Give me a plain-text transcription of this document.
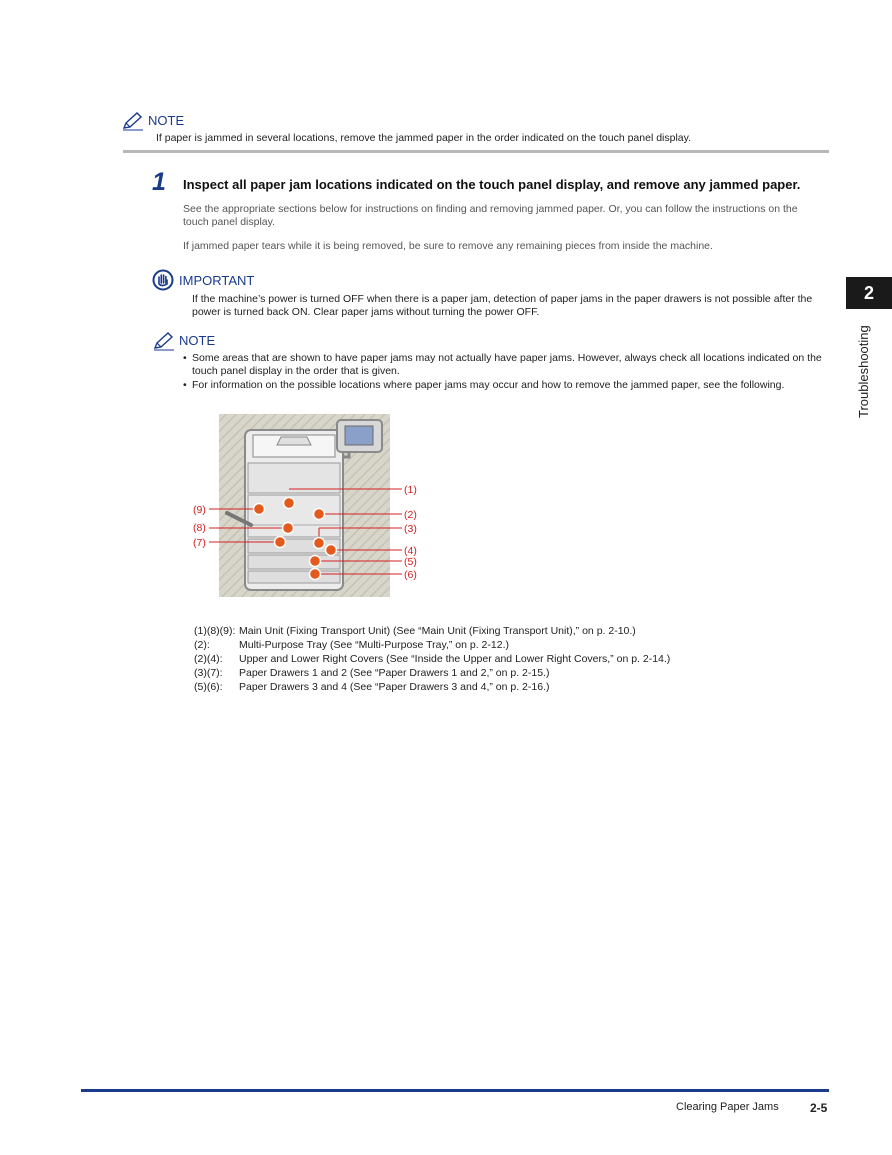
NOTE
If paper is jammed in several locations, remove the jammed paper in the order indicated on the touch panel display.
1 Inspect all paper jam locations indicated on the touch panel display, and remove any jammed paper.
See the appropriate sections below for instructions on finding and removing jammed paper. Or, you can follow the instructions on the touch panel display.
If jammed paper tears while it is being removed, be sure to remove any remaining pieces from inside the machine.
IMPORTANT
If the machine’s power is turned OFF when there is a paper jam, detection of paper jams in the paper drawers is not possible after the power is turned back ON. Clear paper jams without turning the power OFF.
NOTE
• Some areas that are shown to have paper jams may not actually have paper jams. However, always check all locations indicated on the touch panel display in the order that is given.
• For information on the possible locations where paper jams may occur and how to remove the jammed paper, see the following.
(1)
(2)
(3)
(4)
(5)
(6)
(7)
(8)
(9)
(1)(8)(9): Main Unit (Fixing Transport Unit) (See “Main Unit (Fixing Transport Unit),” on p. 2-10.)
(2):	Multi-Purpose Tray (See “Multi-Purpose Tray,” on p. 2-12.)
(2)(4):	Upper and Lower Right Covers (See “Inside the Upper and Lower Right Covers,” on p. 2-14.)
(3)(7):	Paper Drawers 1 and 2 (See “Paper Drawers 1 and 2,” on p. 2-15.)
(5)(6):	Paper Drawers 3 and 4 (See “Paper Drawers 3 and 4,” on p. 2-16.)
2
Troubleshooting
Clearing Paper Jams	2-5
